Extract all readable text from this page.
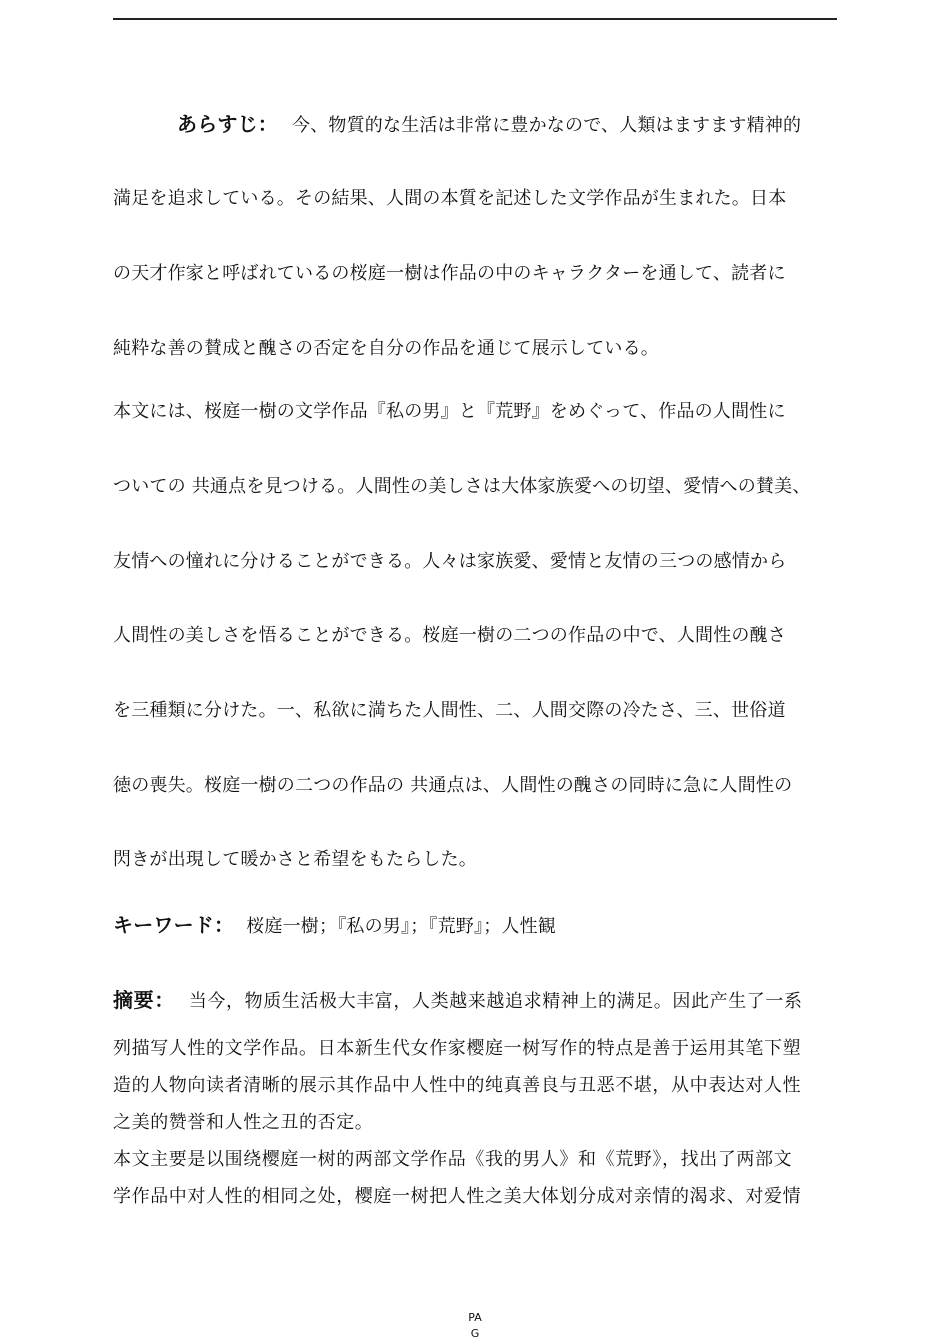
あらすじ： 今、物質的な生活は非常に豊かなので、人類はますます精神的
満足を追求している。その結果、人間の本質を記述した文学作品が生まれた。日本
の天才作家と呼ばれているの桜庭一樹は作品の中のキャラクターを通して、読者に
純粋な善の賛成と醜さの否定を自分の作品を通じて展示している。
本文には、桜庭一樹の文学作品『私の男』と『荒野』をめぐって、作品の人間性に
ついての 共通点を見つける。人間性の美しさは大体家族愛への切望、愛情への賛美、
友情への憧れに分けることができる。人々は家族愛、愛情と友情の三つの感情から
人間性の美しさを悟ることができる。桜庭一樹の二つの作品の中で、人間性の醜さ
を三種類に分けた。一、私欲に満ちた人間性、二、人間交際の冷たさ、三、世俗道
徳の喪失。桜庭一樹の二つの作品の 共通点は、人間性の醜さの同時に急に人間性の
閃きが出現して暖かさと希望をもたらした。
キーワード： 桜庭一樹；『私の男』；『荒野』；人性観
摘要： 当今，物质生活极大丰富，人类越来越追求精神上的满足。因此产生了一系
列描写人性的文学作品。日本新生代女作家樱庭一树写作的特点是善于运用其笔下塑
造的人物向读者清晰的展示其作品中人性中的纯真善良与丑恶不堪，从中表达对人性
之美的赞誉和人性之丑的否定。
本文主要是以围绕樱庭一树的两部文学作品《我的男人》和《荒野》，找出了两部文
学作品中对人性的相同之处，樱庭一树把人性之美大体划分成对亲情的渴求、对爱情
PA
G
